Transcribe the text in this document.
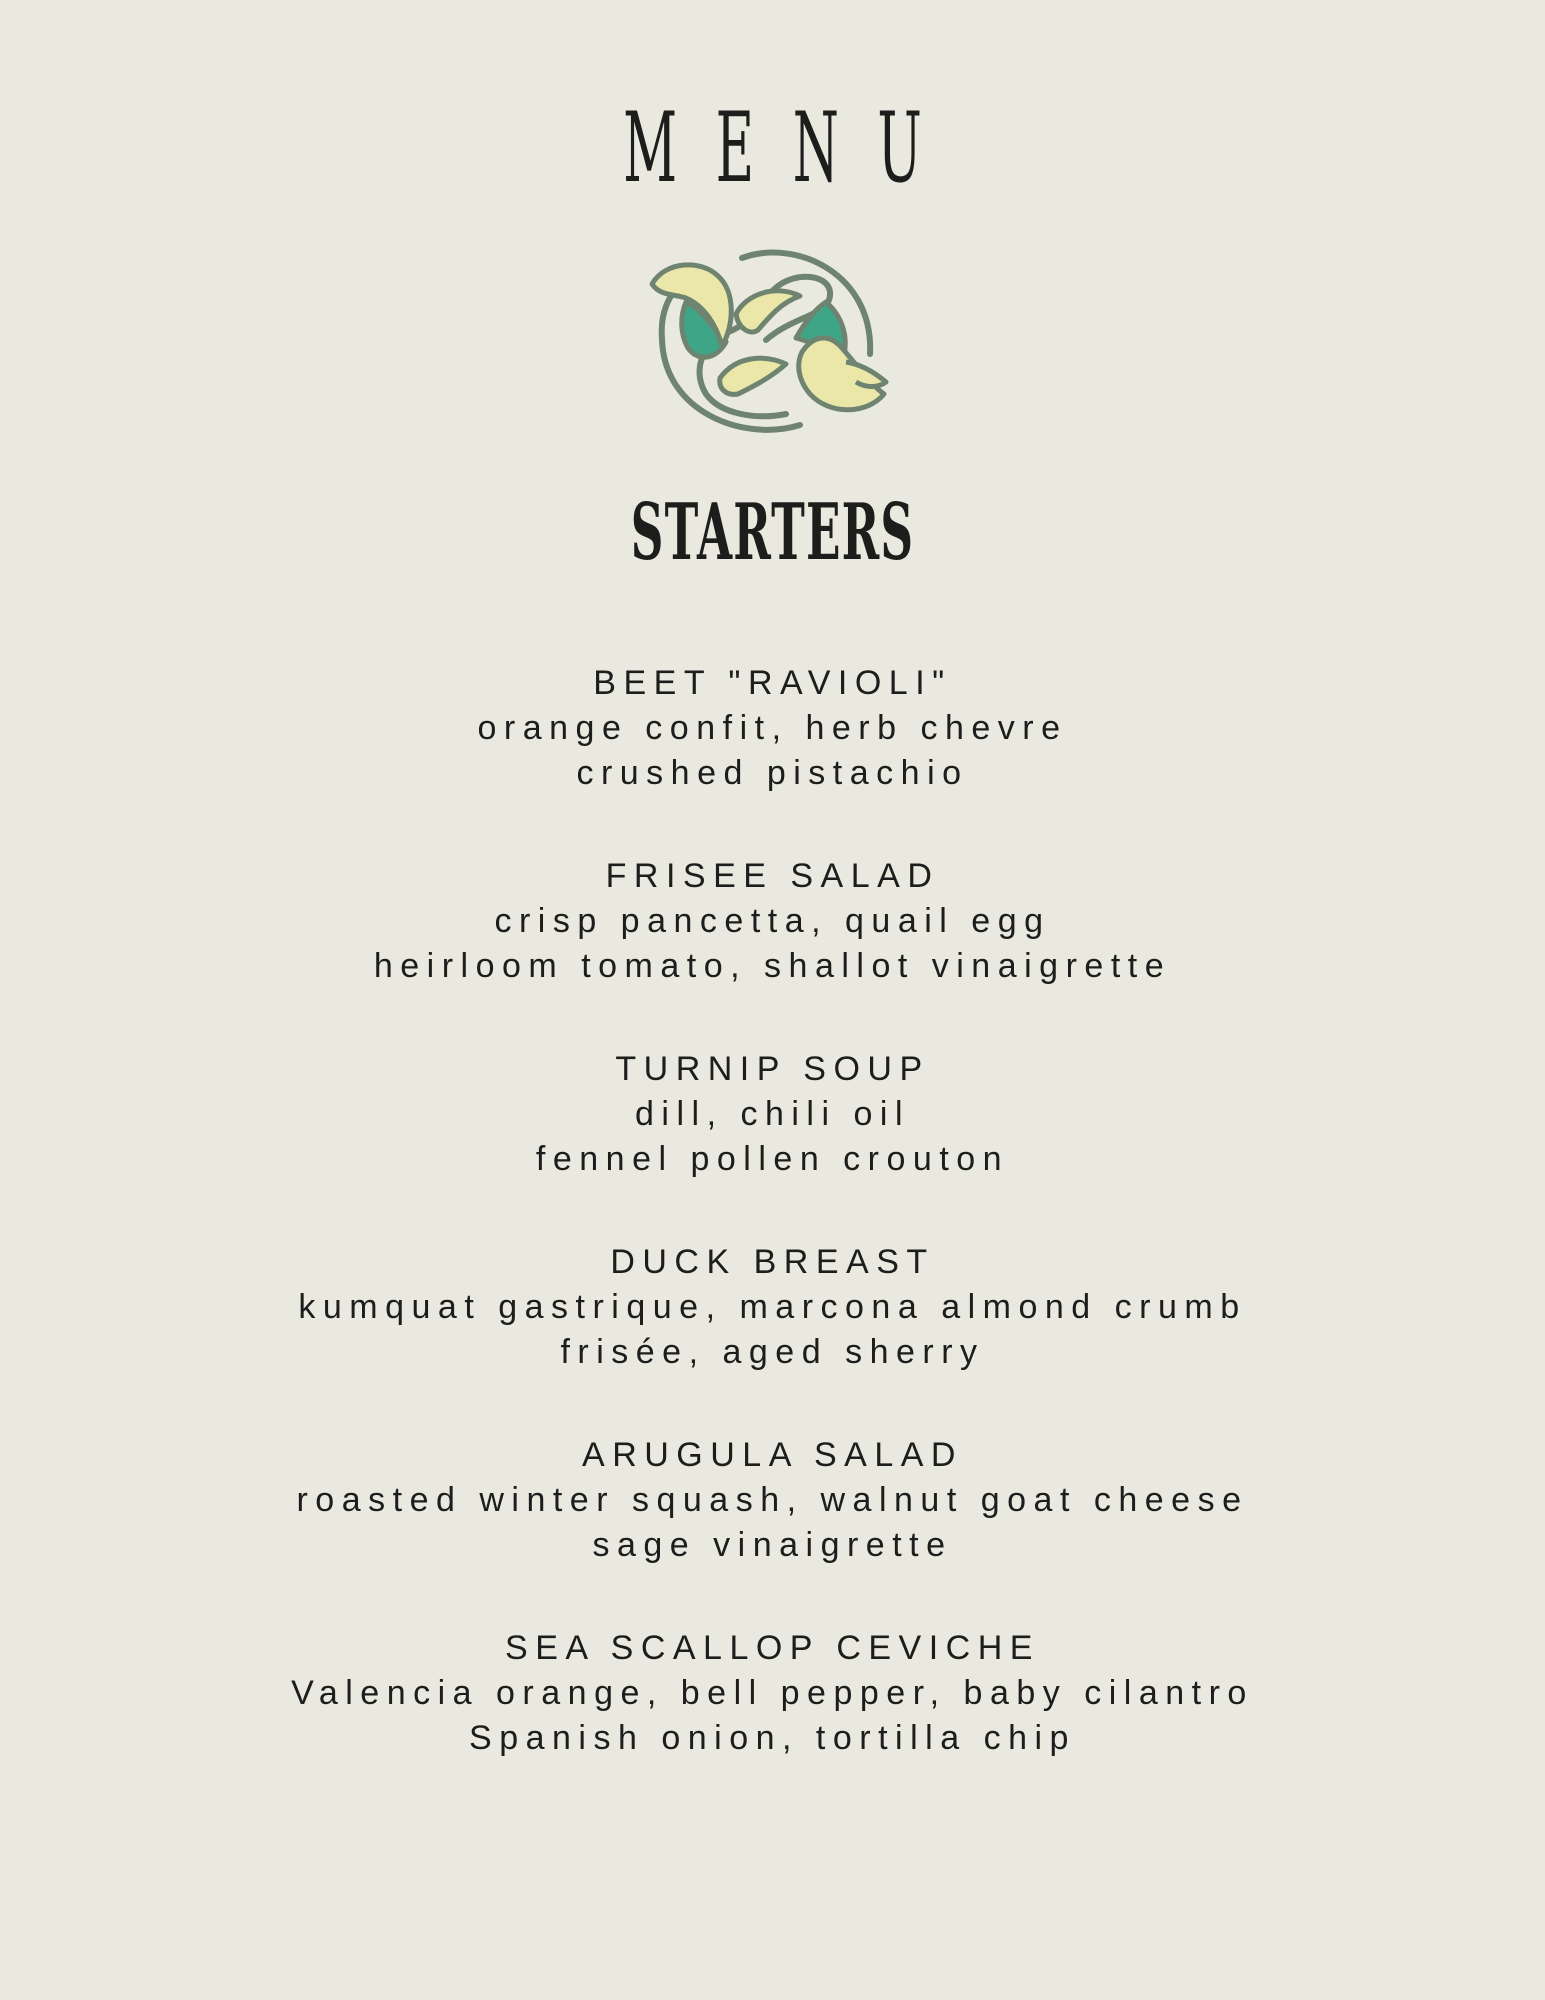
MENU
STARTERS
BEET "RAVIOLI"
orange confit, herb chevre
crushed pistachio
FRISEE SALAD
crisp pancetta, quail egg
heirloom tomato, shallot vinaigrette
TURNIP SOUP
dill, chili oil
fennel pollen crouton
DUCK BREAST
kumquat gastrique, marcona almond crumb
frisée, aged sherry
ARUGULA SALAD
roasted winter squash, walnut goat cheese
sage vinaigrette
SEA SCALLOP CEVICHE
Valencia orange, bell pepper, baby cilantro
Spanish onion, tortilla chip
